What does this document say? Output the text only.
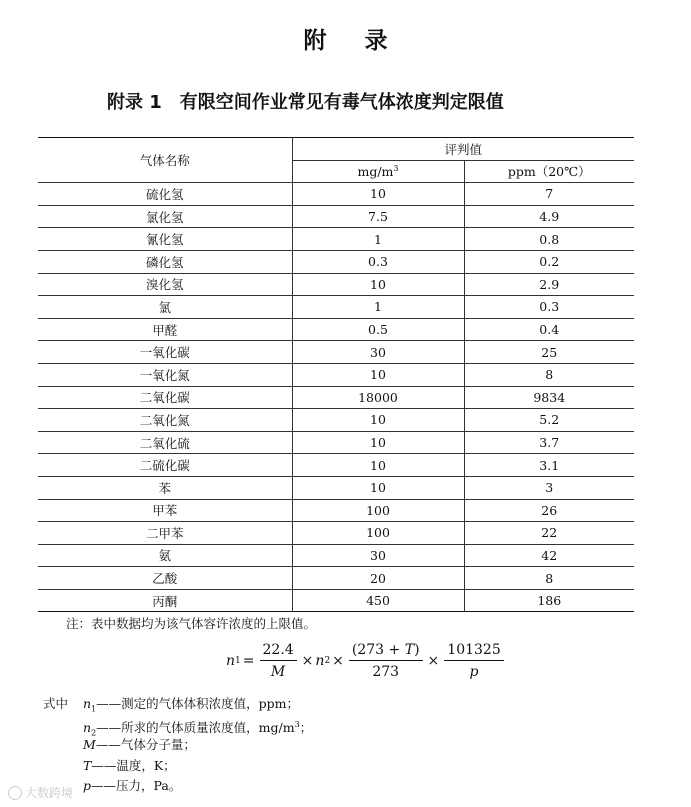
附录
附录 1　有限空间作业常见有毒气体浓度判定限值
气体名称	评判值	
	$mg/m^3$	ppm（20℃）
硫化氢	10	7
氯化氢	7.5	4.9
氰化氢	1	0.8
磷化氢	0.3	0.2
溴化氢	10	2.9
氯	1	0.3
甲醛	0.5	0.4
一氧化碳	30	25
一氧化氮	10	8
二氧化碳	18000	9834
二氧化氮	10	5.2
二氧化硫	10	3.7
二硫化碳	10	3.1
苯	10	3
甲苯	100	26
二甲苯	100	22
氨	30	42
乙酸	20	8
丙酮	450	186
注：表中数据均为该气体容许浓度的上限值。
n $1 = \frac{22.4}{M} \times n$ $2 \times \frac{(273 + T)}{273} \times \frac{101325}{p}$
式中 $n_1——$测定的气体体积浓度值，ppm；
$n_2——$所求的气体质量浓度值，$mg/m^3$；
M——气体分子量；
T——温度，K；
p——压力，Pa。
大数跨境
